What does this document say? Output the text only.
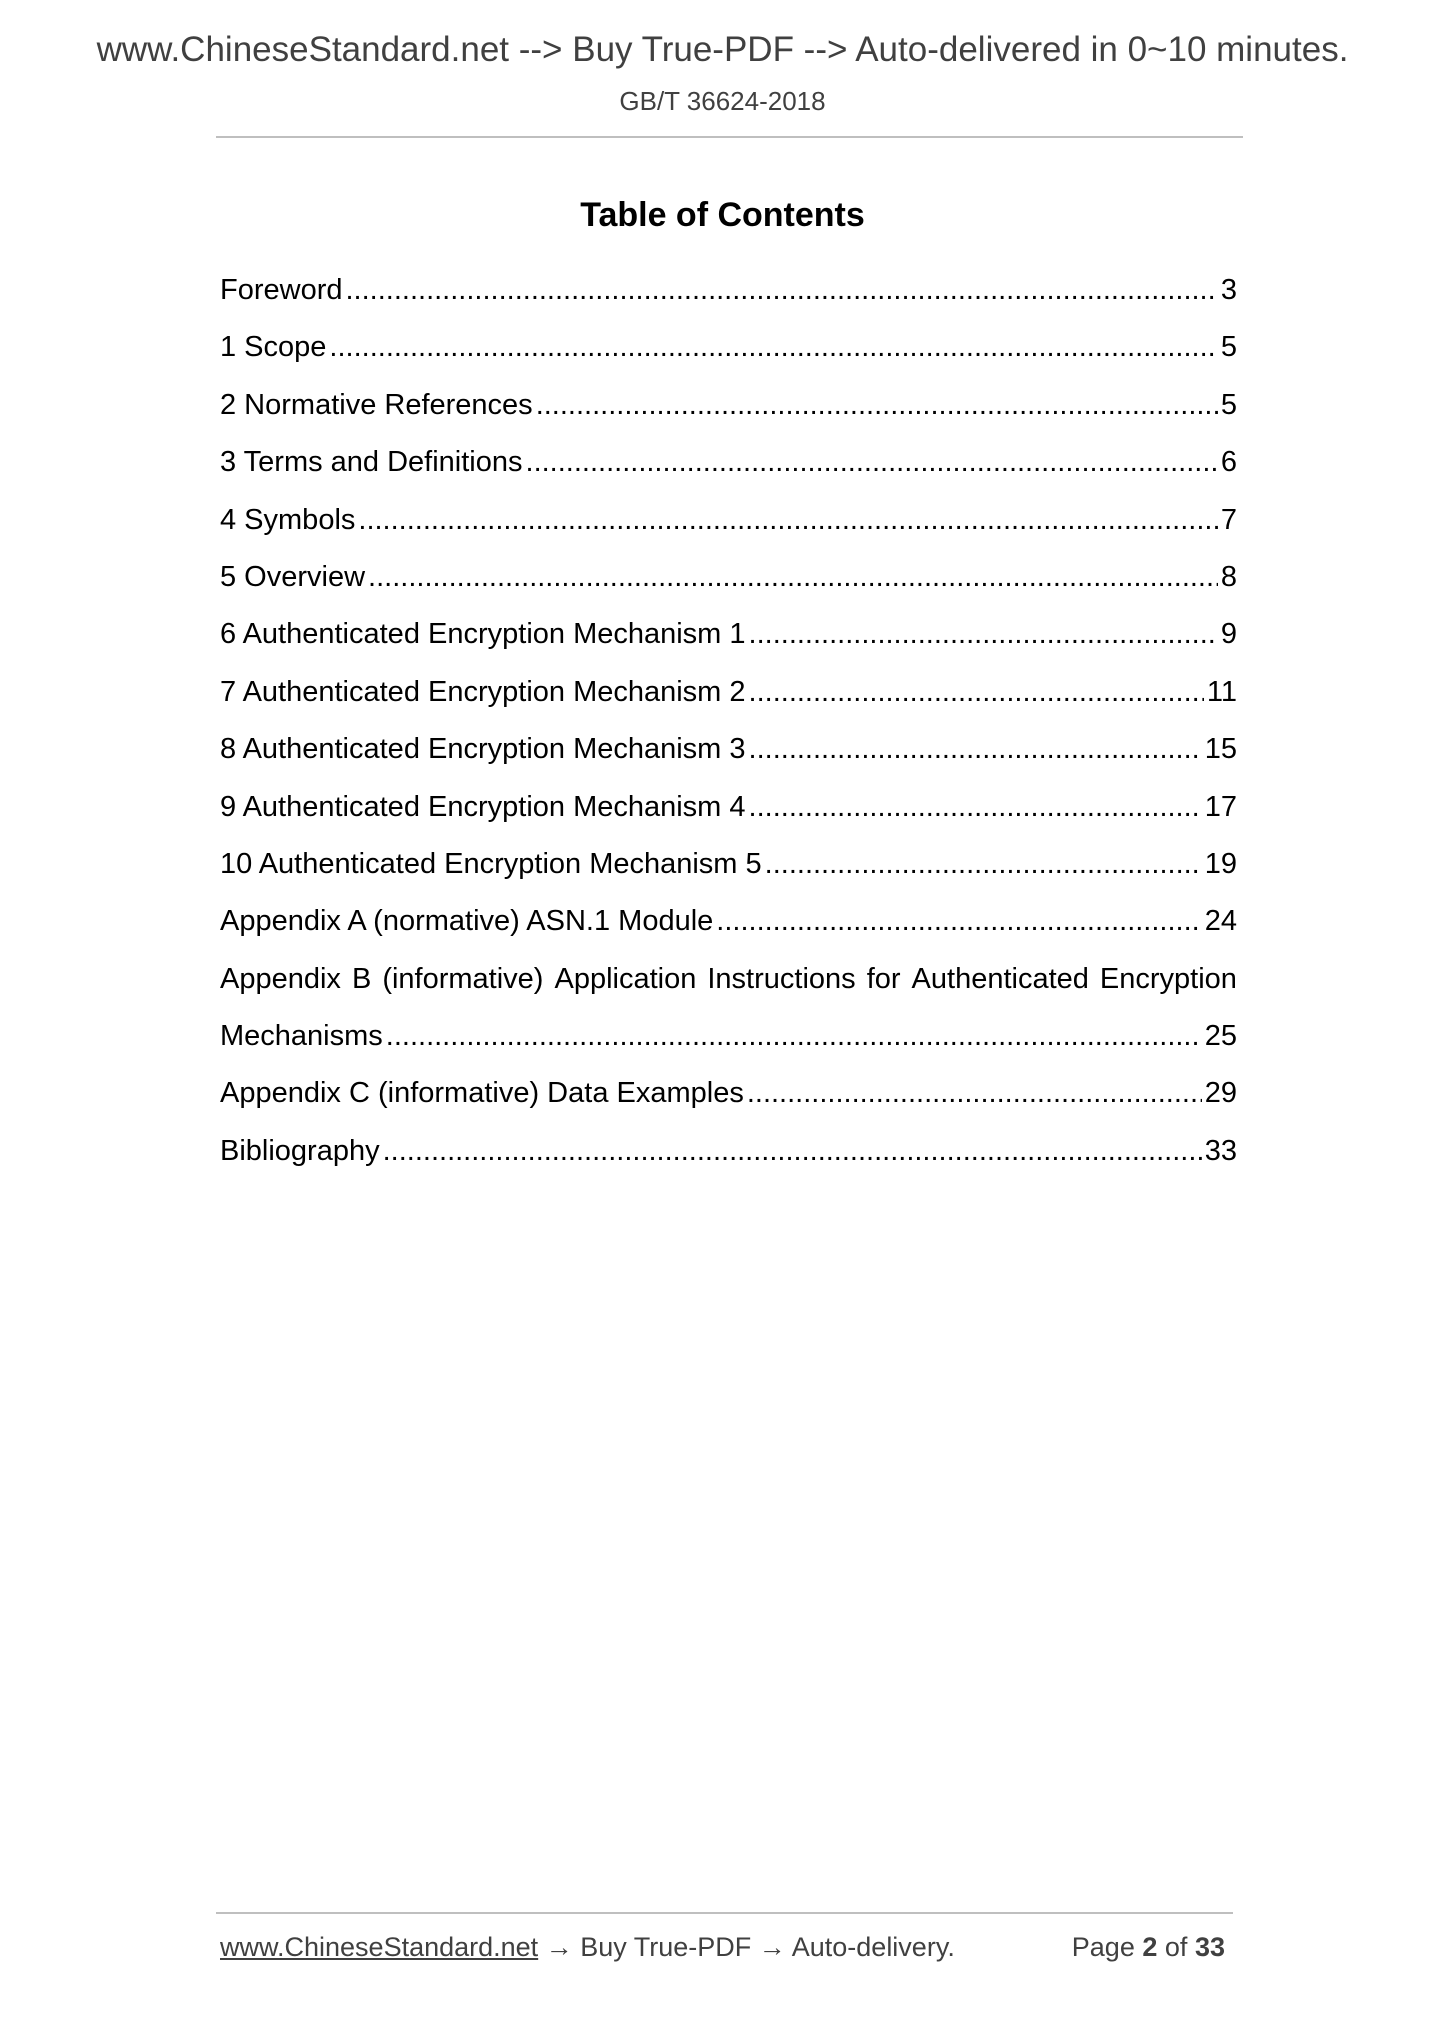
www.ChineseStandard.net --> Buy True-PDF --> Auto-delivered in 0~10 minutes.
GB/T 36624-2018
Table of Contents
Foreword .....	3
1 Scope .....	5
2 Normative References .....	5
3 Terms and Definitions .....	6
4 Symbols .....	7
5 Overview .....	8
6 Authenticated Encryption Mechanism 1 .....	9
7 Authenticated Encryption Mechanism 2 .....	11
8 Authenticated Encryption Mechanism 3 .....	15
9 Authenticated Encryption Mechanism 4 .....	17
10 Authenticated Encryption Mechanism 5 .....	19
Appendix A (normative) ASN.1 Module .....	24
Appendix B (informative) Application Instructions for Authenticated Encryption
Mechanisms .....	25
Appendix C (informative) Data Examples .....	29
Bibliography .....	33
www.ChineseStandard.net → Buy True-PDF → Auto-delivery.	Page 2 of 33
